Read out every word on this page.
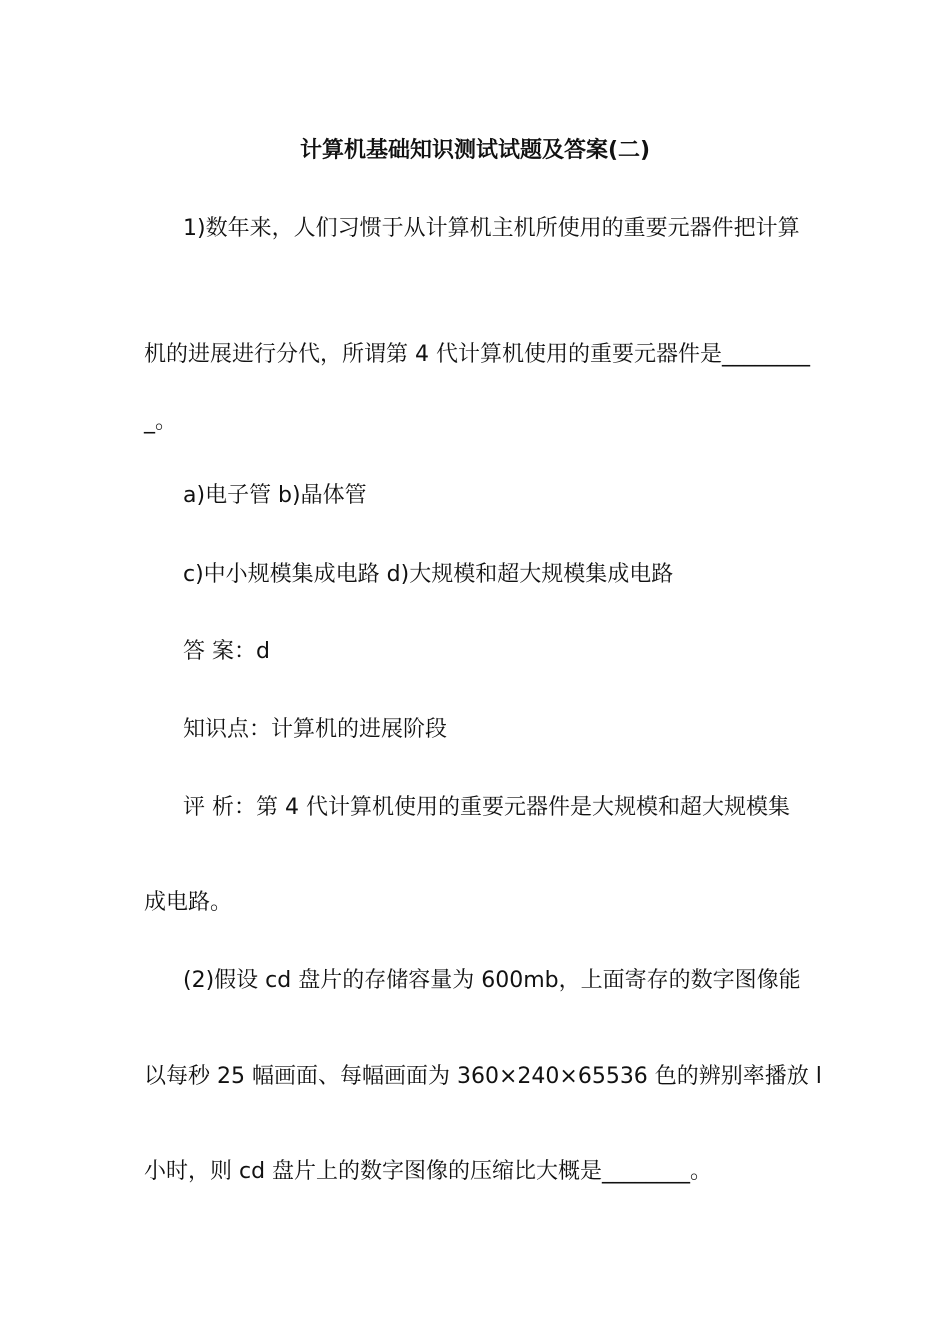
计算机基础知识测试试题及答案(二)
1)数年来，人们习惯于从计算机主机所使用的重要元器件把计算
机的进展进行分代，所谓第 4 代计算机使用的重要元器件是________
_。
a)电子管 b)晶体管
c)中小规模集成电路 d)大规模和超大规模集成电路
答 案：d
知识点：计算机的进展阶段
评 析：第 4 代计算机使用的重要元器件是大规模和超大规模集
成电路。
(2)假设 cd 盘片的存储容量为 600mb，上面寄存的数字图像能
以每秒 25 幅画面、每幅画面为 360×240×65536 色的辨别率播放 l
小时，则 cd 盘片上的数字图像的压缩比大概是________。
